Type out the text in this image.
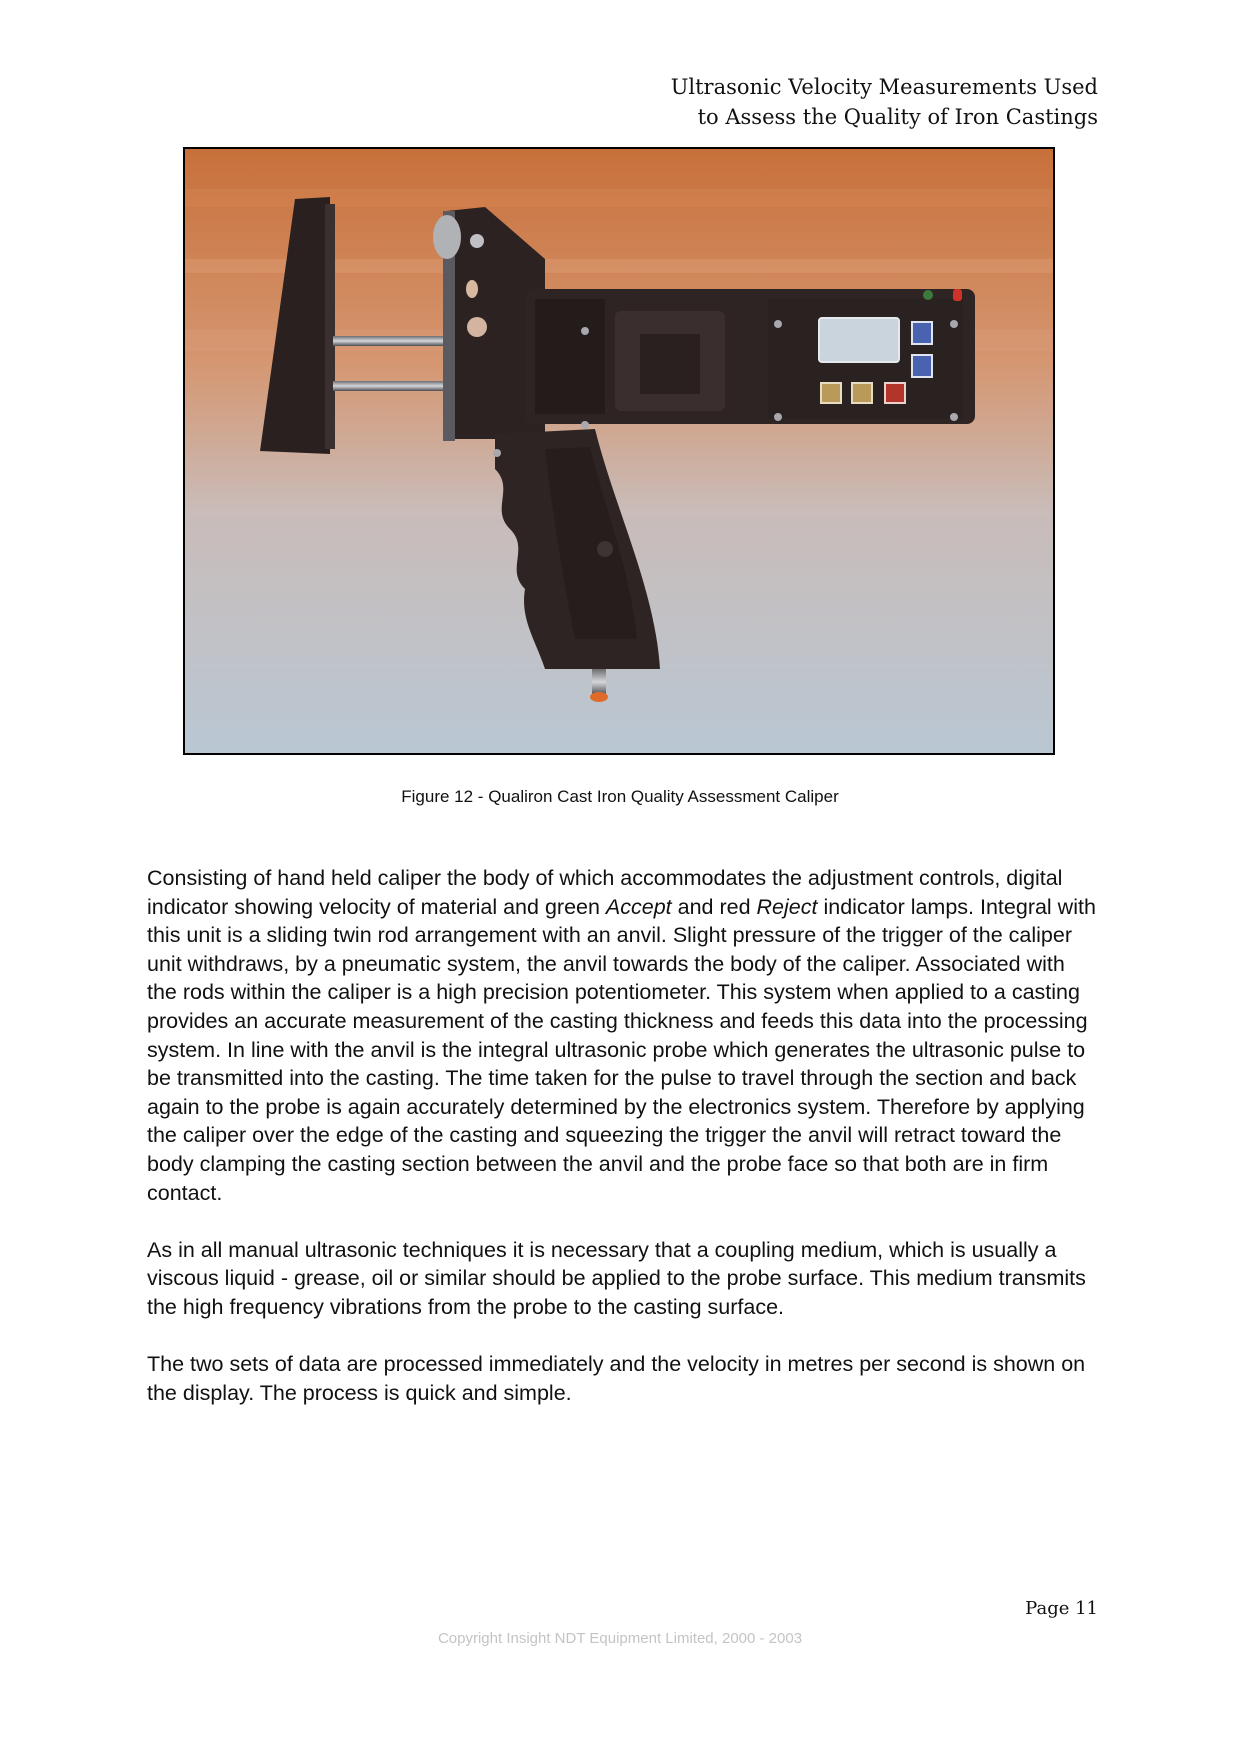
Ultrasonic Velocity Measurements Used
to Assess the Quality of Iron Castings
Figure 12 - Qualiron Cast Iron Quality Assessment Caliper

Consisting of hand held caliper the body of which accommodates the adjustment controls, digital indicator showing velocity of material and green Accept and red Reject indicator lamps. Integral with this unit is a sliding twin rod arrangement with an anvil. Slight pressure of the trigger of the caliper unit withdraws, by a pneumatic system, the anvil towards the body of the caliper. Associated with the rods within the caliper is a high precision potentiometer. This system when applied to a casting provides an accurate measurement of the casting thickness and feeds this data into the processing system. In line with the anvil is the integral ultrasonic probe which generates the ultrasonic pulse to be transmitted into the casting. The time taken for the pulse to travel through the section and back again to the probe is again accurately determined by the electronics system. Therefore by applying the caliper over the edge of the casting and squeezing the trigger the anvil will retract toward the body clamping the casting section between the anvil and the probe face so that both are in firm contact.

As in all manual ultrasonic techniques it is necessary that a coupling medium, which is usually a viscous liquid - grease, oil or similar should be applied to the probe surface. This medium transmits the high frequency vibrations from the probe to the casting surface.

The two sets of data are processed immediately and the velocity in metres per second is shown on the display. The process is quick and simple.

Page 11
Copyright Insight NDT Equipment Limited, 2000 - 2003
